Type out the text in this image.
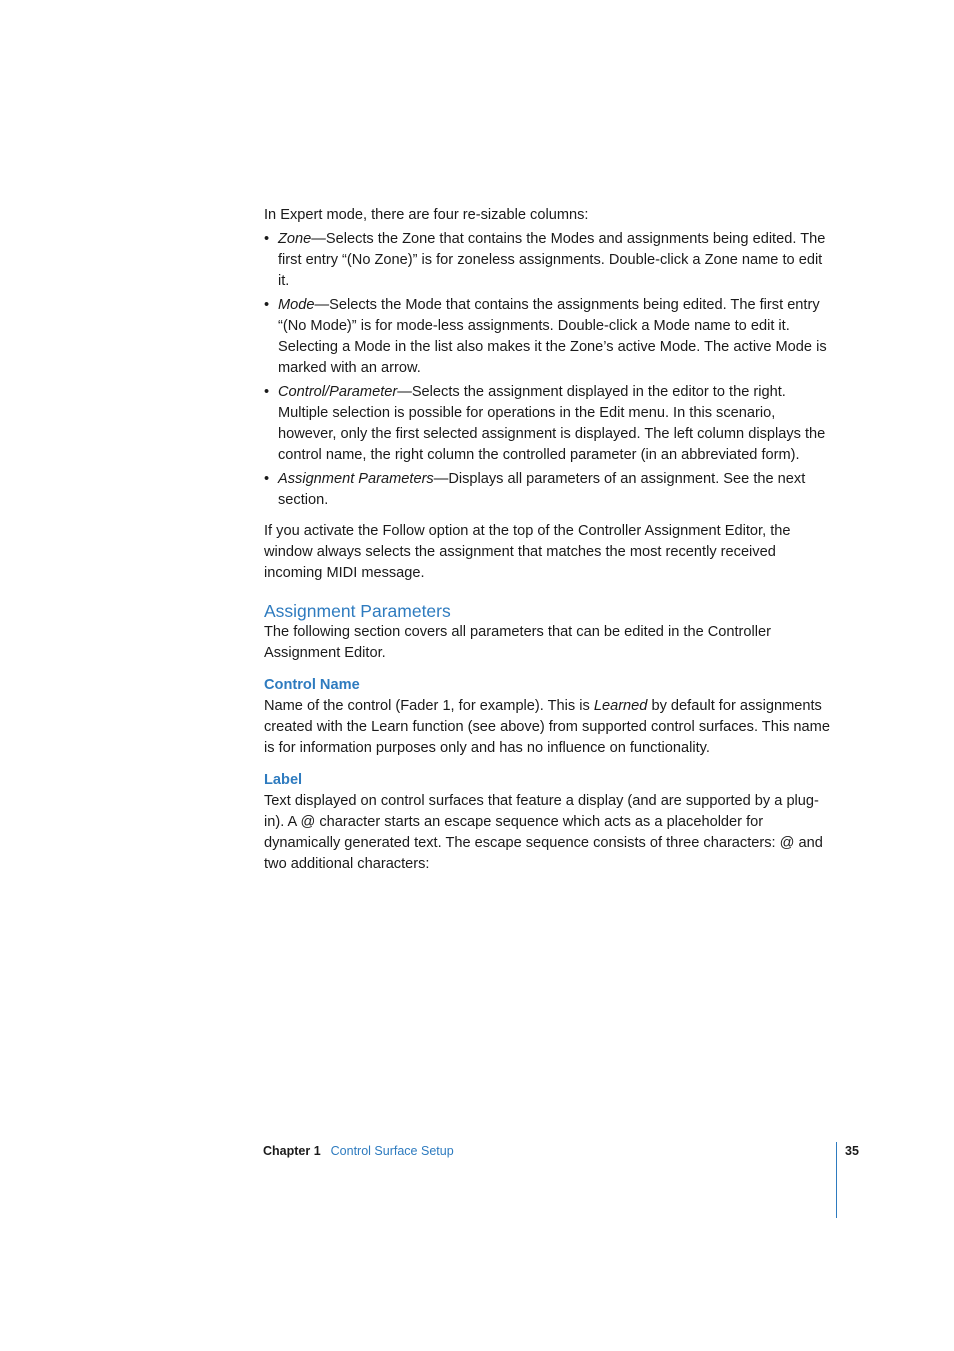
In Expert mode, there are four re-sizable columns:

• Zone—Selects the Zone that contains the Modes and assignments being edited. The first entry “(No Zone)” is for zoneless assignments. Double-click a Zone name to edit it.
• Mode—Selects the Mode that contains the assignments being edited. The first entry “(No Mode)” is for mode-less assignments. Double-click a Mode name to edit it. Selecting a Mode in the list also makes it the Zone’s active Mode. The active Mode is marked with an arrow.
• Control/Parameter—Selects the assignment displayed in the editor to the right. Multiple selection is possible for operations in the Edit menu. In this scenario, however, only the first selected assignment is displayed. The left column displays the control name, the right column the controlled parameter (in an abbreviated form).
• Assignment Parameters—Displays all parameters of an assignment. See the next section.

If you activate the Follow option at the top of the Controller Assignment Editor, the window always selects the assignment that matches the most recently received incoming MIDI message.

Assignment Parameters

The following section covers all parameters that can be edited in the Controller Assignment Editor.

Control Name

Name of the control (Fader 1, for example). This is Learned by default for assignments created with the Learn function (see above) from supported control surfaces. This name is for information purposes only and has no influence on functionality.

Label

Text displayed on control surfaces that feature a display (and are supported by a plug-in). A @ character starts an escape sequence which acts as a placeholder for dynamically generated text. The escape sequence consists of three characters: @ and two additional characters:

Chapter 1 Control Surface Setup	35
